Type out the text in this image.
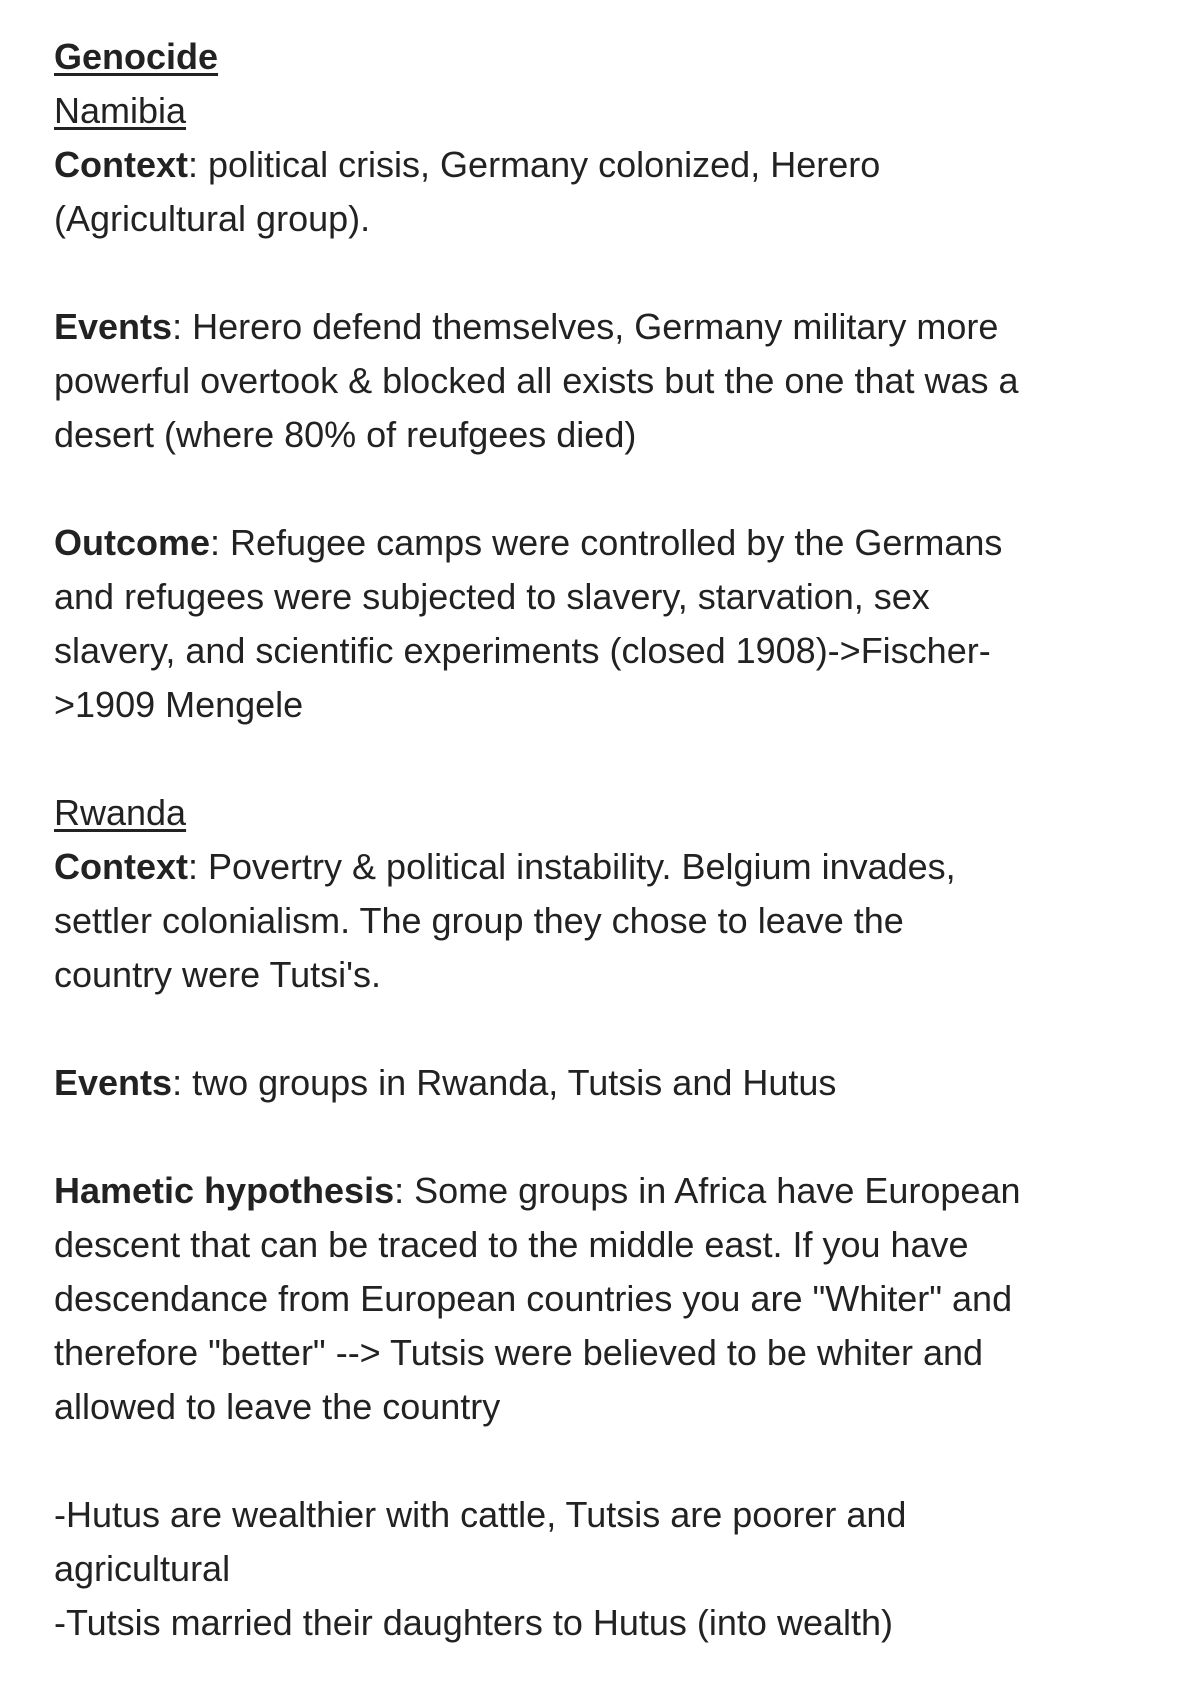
Genocide
Namibia
Context: political crisis, Germany colonized, Herero
(Agricultural group).
Events: Herero defend themselves, Germany military more
powerful overtook & blocked all exists but the one that was a
desert (where 80% of reufgees died)
Outcome: Refugee camps were controlled by the Germans
and refugees were subjected to slavery, starvation, sex
slavery, and scientific experiments (closed 1908)->Fischer-
>1909 Mengele
Rwanda
Context: Povertry & political instability. Belgium invades,
settler colonialism. The group they chose to leave the
country were Tutsi's.
Events: two groups in Rwanda, Tutsis and Hutus
Hametic hypothesis: Some groups in Africa have European
descent that can be traced to the middle east. If you have
descendance from European countries you are "Whiter" and
therefore "better" --> Tutsis were believed to be whiter and
allowed to leave the country
-Hutus are wealthier with cattle, Tutsis are poorer and
agricultural
-Tutsis married their daughters to Hutus (into wealth)
